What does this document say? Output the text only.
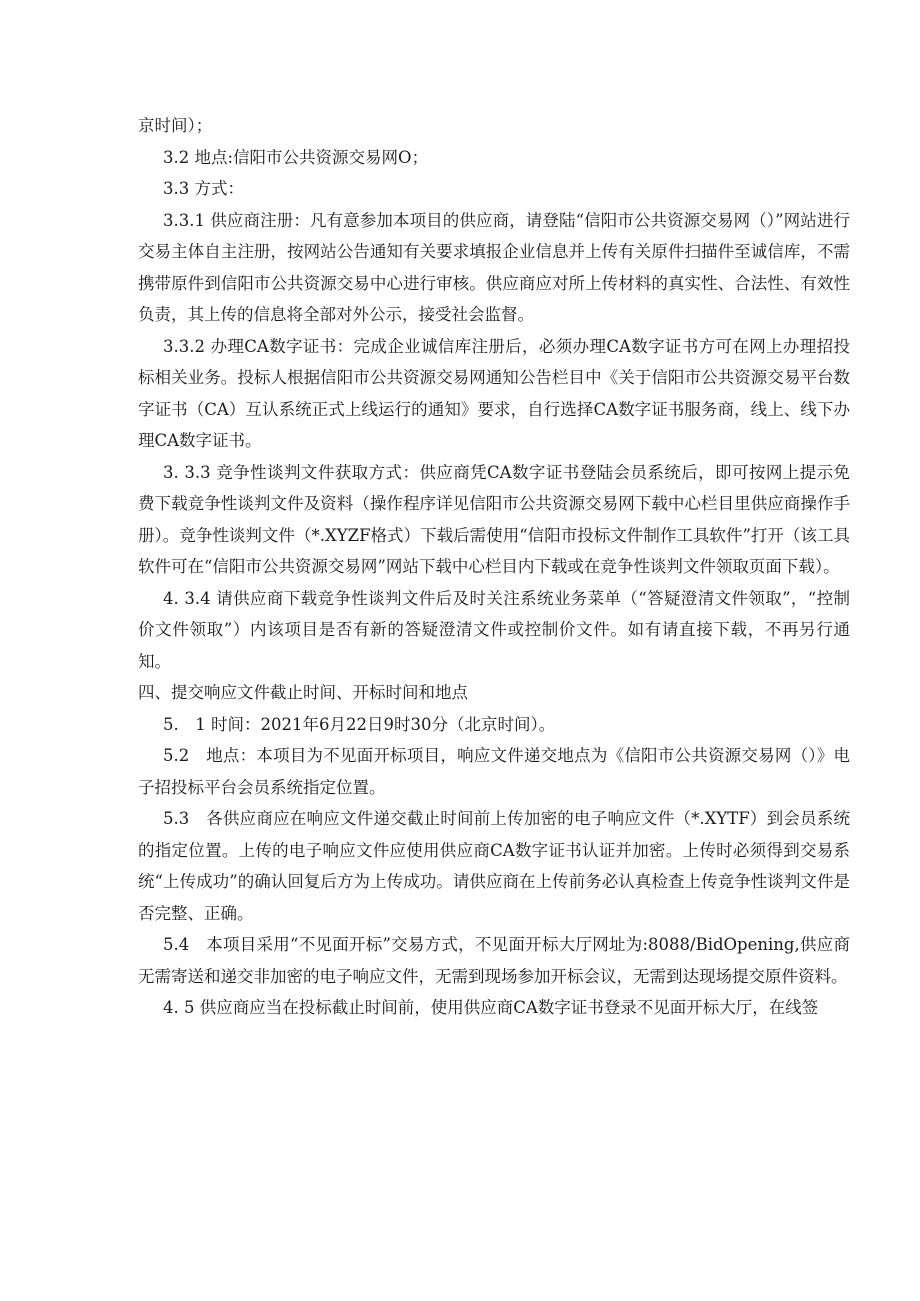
京时间）；

3.2 地点:信阳市公共资源交易网O；

3.3 方式：

3.3.1 供应商注册：凡有意参加本项目的供应商，请登陆“信阳市公共资源交易网（）”网站进行交易主体自主注册，按网站公告通知有关要求填报企业信息并上传有关原件扫描件至诚信库，不需携带原件到信阳市公共资源交易中心进行审核。供应商应对所上传材料的真实性、合法性、有效性负责，其上传的信息将全部对外公示，接受社会监督。

3.3.2 办理CA数字证书：完成企业诚信库注册后，必须办理CA数字证书方可在网上办理招投标相关业务。投标人根据信阳市公共资源交易网通知公告栏目中《关于信阳市公共资源交易平台数字证书（CA）互认系统正式上线运行的通知》要求，自行选择CA数字证书服务商，线上、线下办理CA数字证书。

3. 3.3 竞争性谈判文件获取方式：供应商凭CA数字证书登陆会员系统后，即可按网上提示免费下载竞争性谈判文件及资料（操作程序详见信阳市公共资源交易网下载中心栏目里供应商操作手册）。竞争性谈判文件（*.XYZF格式）下载后需使用“信阳市投标文件制作工具软件”打开（该工具软件可在“信阳市公共资源交易网”网站下载中心栏目内下载或在竞争性谈判文件领取页面下载）。

4. 3.4 请供应商下载竞争性谈判文件后及时关注系统业务菜单（“答疑澄清文件领取”，“控制价文件领取”）内该项目是否有新的答疑澄清文件或控制价文件。如有请直接下载，不再另行通知。

四、提交响应文件截止时间、开标时间和地点

5.　1 时间：2021年6月22日9时30分（北京时间）。

5.2　地点：本项目为不见面开标项目，响应文件递交地点为《信阳市公共资源交易网（）》电子招投标平台会员系统指定位置。

5.3　各供应商应在响应文件递交截止时间前上传加密的电子响应文件（*.XYTF）到会员系统的指定位置。上传的电子响应文件应使用供应商CA数字证书认证并加密。上传时必须得到交易系统“上传成功”的确认回复后方为上传成功。请供应商在上传前务必认真检查上传竞争性谈判文件是否完整、正确。

5.4　本项目采用“不见面开标”交易方式，不见面开标大厅网址为:8088/BidOpening,供应商无需寄送和递交非加密的电子响应文件，无需到现场参加开标会议，无需到达现场提交原件资料。

4. 5 供应商应当在投标截止时间前，使用供应商CA数字证书登录不见面开标大厅，在线签
